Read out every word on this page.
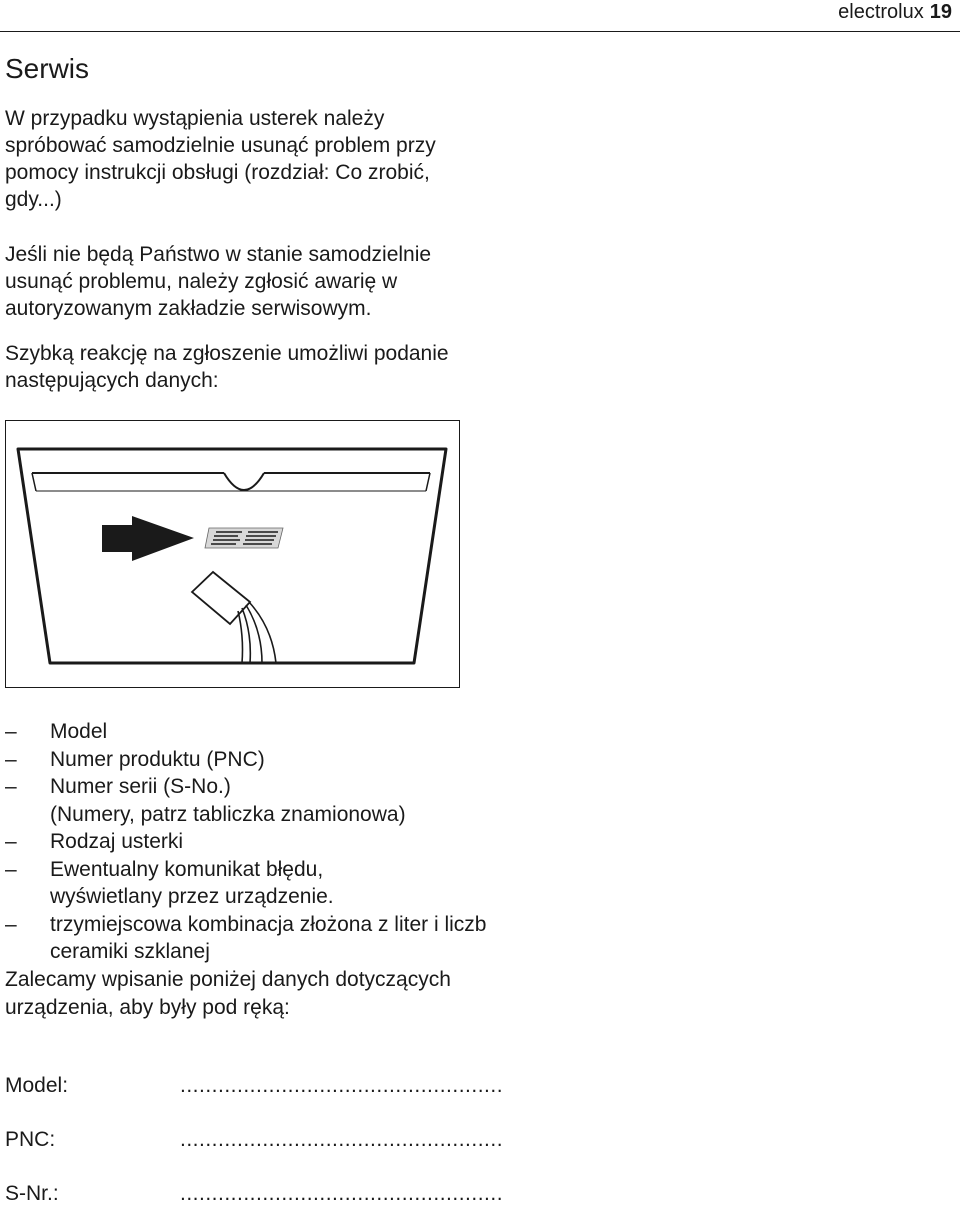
electrolux 19
Serwis

W przypadku wystąpienia usterek należy spróbować samodzielnie usunąć problem przy pomocy instrukcji obsługi (rozdział: Co zrobić, gdy...)

Jeśli nie będą Państwo w stanie samodzielnie usunąć problemu, należy zgłosić awarię w autoryzowanym zakładzie serwisowym.

Szybką reakcję na zgłoszenie umożliwi podanie następujących danych:

– Model
– Numer produktu (PNC)
– Numer serii (S-No.)
(Numery, patrz tabliczka znamionowa)
– Rodzaj usterki
– Ewentualny komunikat błędu, wyświetlany przez urządzenie.
– trzymiejscowa kombinacja złożona z liter i liczb ceramiki szklanej

Zalecamy wpisanie poniżej danych dotyczących urządzenia, aby były pod ręką:

Model:	...................................................
PNC:	...................................................
S-Nr.:	...................................................
